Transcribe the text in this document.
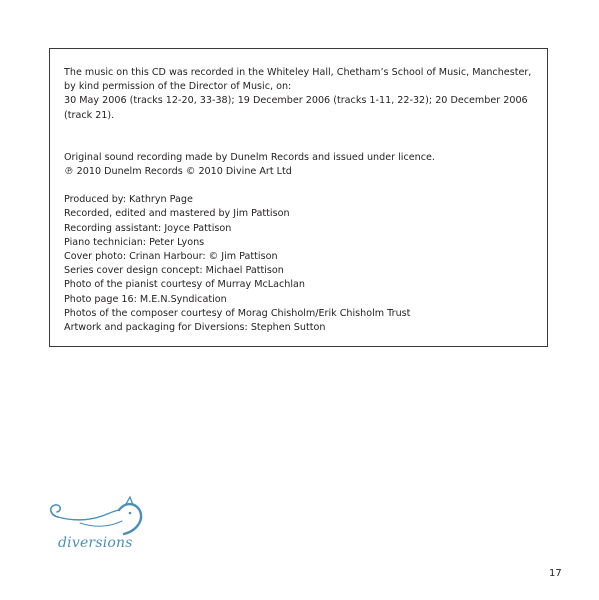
The music on this CD was recorded in the Whiteley Hall, Chetham’s School of Music, Manchester,
by kind permission of the Director of Music, on:
30 May 2006 (tracks 12-20, 33-38); 19 December 2006 (tracks 1-11, 22-32); 20 December 2006
(track 21).

Original sound recording made by Dunelm Records and issued under licence.
℗ 2010 Dunelm Records © 2010 Divine Art Ltd

Produced by: Kathryn Page
Recorded, edited and mastered by Jim Pattison
Recording assistant: Joyce Pattison
Piano technician: Peter Lyons
Cover photo: Crinan Harbour: © Jim Pattison
Series cover design concept: Michael Pattison
Photo of the pianist courtesy of Murray McLachlan
Photo page 16: M.E.N.Syndication
Photos of the composer courtesy of Morag Chisholm/Erik Chisholm Trust
Artwork and packaging for Diversions: Stephen Sutton

diversions
17
